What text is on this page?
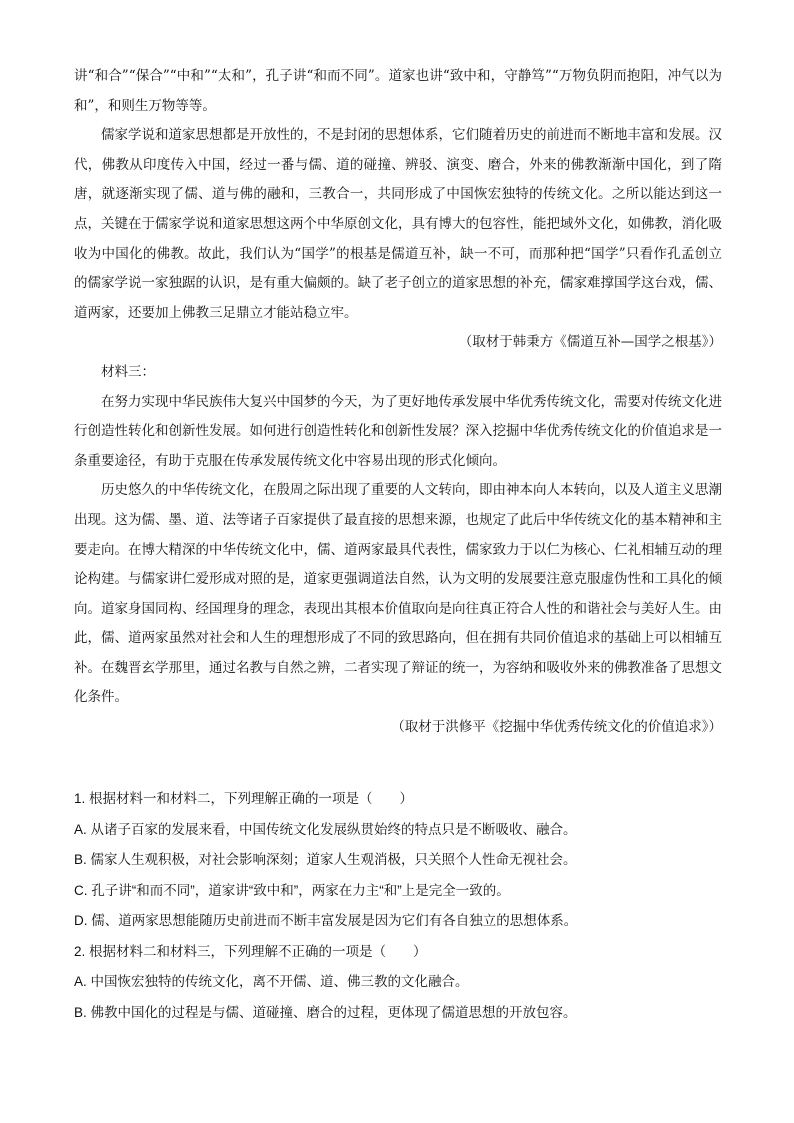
讲“和合”“保合”“中和”“太和”，孔子讲“和而不同”。道家也讲“致中和，守静笃”“万物负阴而抱阳，冲气以为和”，和则生万物等等。

儒家学说和道家思想都是开放性的，不是封闭的思想体系，它们随着历史的前进而不断地丰富和发展。汉代，佛教从印度传入中国，经过一番与儒、道的碰撞、辨驳、演变、磨合，外来的佛教渐渐中国化，到了隋唐，就逐渐实现了儒、道与佛的融和，三教合一，共同形成了中国恢宏独特的传统文化。之所以能达到这一点，关键在于儒家学说和道家思想这两个中华原创文化，具有博大的包容性，能把域外文化，如佛教，消化吸收为中国化的佛教。故此，我们认为“国学”的根基是儒道互补，缺一不可，而那种把“国学”只看作孔孟创立的儒家学说一家独踞的认识，是有重大偏颇的。缺了老子创立的道家思想的补充，儒家难撑国学这台戏，儒、道两家，还要加上佛教三足鼎立才能站稳立牢。

（取材于韩秉方《儒道互补—国学之根基》）

材料三：

在努力实现中华民族伟大复兴中国梦的今天，为了更好地传承发展中华优秀传统文化，需要对传统文化进行创造性转化和创新性发展。如何进行创造性转化和创新性发展？深入挖掘中华优秀传统文化的价值追求是一条重要途径，有助于克服在传承发展传统文化中容易出现的形式化倾向。

历史悠久的中华传统文化，在殷周之际出现了重要的人文转向，即由神本向人本转向，以及人道主义思潮出现。这为儒、墨、道、法等诸子百家提供了最直接的思想来源，也规定了此后中华传统文化的基本精神和主要走向。在博大精深的中华传统文化中，儒、道两家最具代表性，儒家致力于以仁为核心、仁礼相辅互动的理论构建。与儒家讲仁爱形成对照的是，道家更强调道法自然，认为文明的发展要注意克服虚伪性和工具化的倾向。道家身国同构、经国理身的理念，表现出其根本价值取向是向往真正符合人性的和谐社会与美好人生。由此，儒、道两家虽然对社会和人生的理想形成了不同的致思路向，但在拥有共同价值追求的基础上可以相辅互补。在魏晋玄学那里，通过名教与自然之辨，二者实现了辩证的统一，为容纳和吸收外来的佛教准备了思想文化条件。

（取材于洪修平《挖掘中华优秀传统文化的价值追求》）

1. 根据材料一和材料二，下列理解正确的一项是（　　）

A. 从诸子百家的发展来看，中国传统文化发展纵贯始终的特点只是不断吸收、融合。

B. 儒家人生观积极，对社会影响深刻；道家人生观消极，只关照个人性命无视社会。

C. 孔子讲“和而不同”，道家讲“致中和”，两家在力主“和”上是完全一致的。

D. 儒、道两家思想能随历史前进而不断丰富发展是因为它们有各自独立的思想体系。

2. 根据材料二和材料三，下列理解不正确的一项是（　　）

A. 中国恢宏独特的传统文化，离不开儒、道、佛三教的文化融合。

B. 佛教中国化的过程是与儒、道碰撞、磨合的过程，更体现了儒道思想的开放包容。
